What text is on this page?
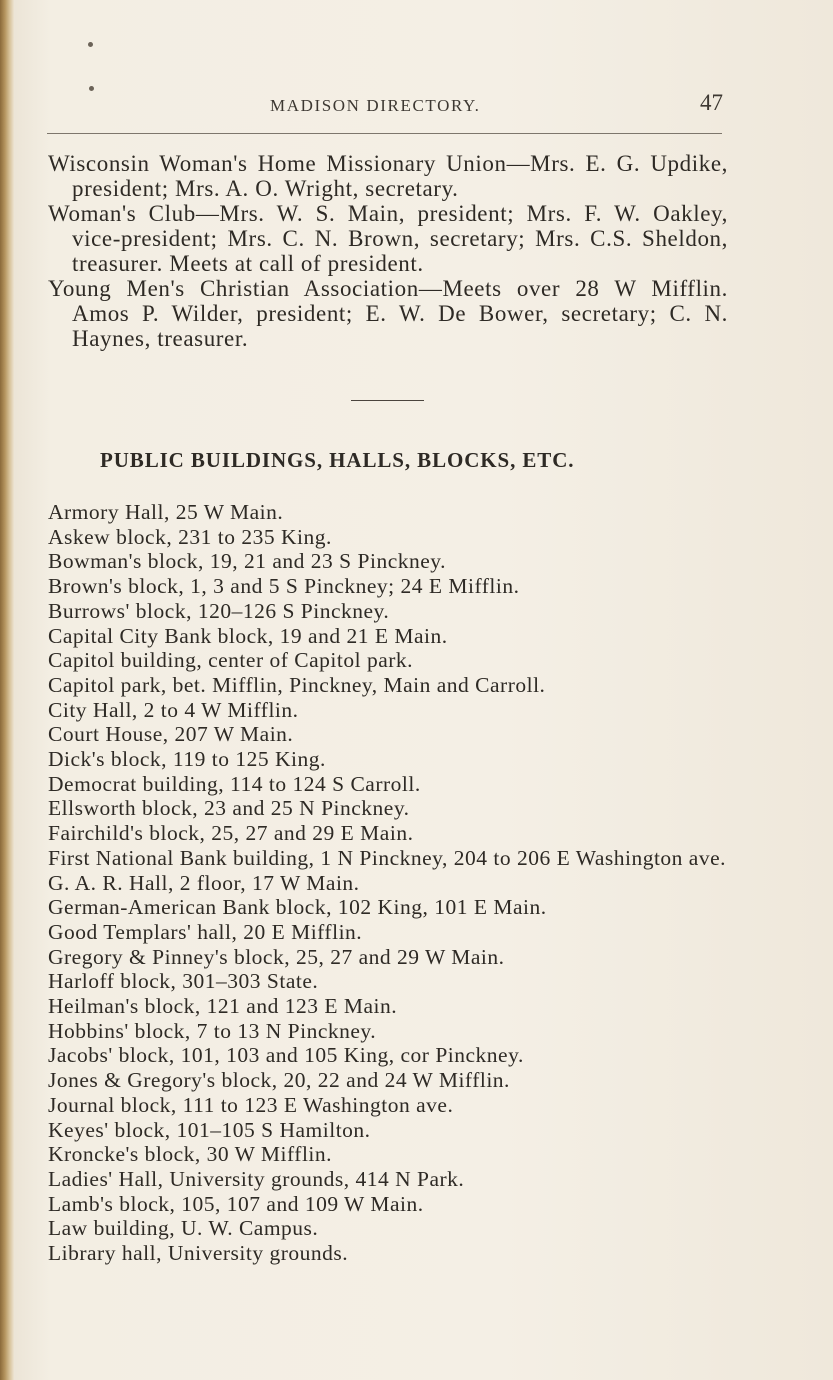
MADISON DIRECTORY.	47
Wisconsin Woman's Home Missionary Union—Mrs. E. G. Updike, president; Mrs. A. O. Wright, secretary.
Woman's Club—Mrs. W. S. Main, president; Mrs. F. W. Oakley, vice-president; Mrs. C. N. Brown, secretary; Mrs. C.S. Sheldon, treasurer. Meets at call of president.
Young Men's Christian Association—Meets over 28 W Mifflin. Amos P. Wilder, president; E. W. De Bower, secretary; C. N. Haynes, treasurer.
PUBLIC BUILDINGS, HALLS, BLOCKS, ETC.
Armory Hall, 25 W Main.
Askew block, 231 to 235 King.
Bowman's block, 19, 21 and 23 S Pinckney.
Brown's block, 1, 3 and 5 S Pinckney; 24 E Mifflin.
Burrows' block, 120–126 S Pinckney.
Capital City Bank block, 19 and 21 E Main.
Capitol building, center of Capitol park.
Capitol park, bet. Mifflin, Pinckney, Main and Carroll.
City Hall, 2 to 4 W Mifflin.
Court House, 207 W Main.
Dick's block, 119 to 125 King.
Democrat building, 114 to 124 S Carroll.
Ellsworth block, 23 and 25 N Pinckney.
Fairchild's block, 25, 27 and 29 E Main.
First National Bank building, 1 N Pinckney, 204 to 206 E Washington ave.
G. A. R. Hall, 2 floor, 17 W Main.
German-American Bank block, 102 King, 101 E Main.
Good Templars' hall, 20 E Mifflin.
Gregory & Pinney's block, 25, 27 and 29 W Main.
Harloff block, 301–303 State.
Heilman's block, 121 and 123 E Main.
Hobbins' block, 7 to 13 N Pinckney.
Jacobs' block, 101, 103 and 105 King, cor Pinckney.
Jones & Gregory's block, 20, 22 and 24 W Mifflin.
Journal block, 111 to 123 E Washington ave.
Keyes' block, 101–105 S Hamilton.
Kroncke's block, 30 W Mifflin.
Ladies' Hall, University grounds, 414 N Park.
Lamb's block, 105, 107 and 109 W Main.
Law building, U. W. Campus.
Library hall, University grounds.
